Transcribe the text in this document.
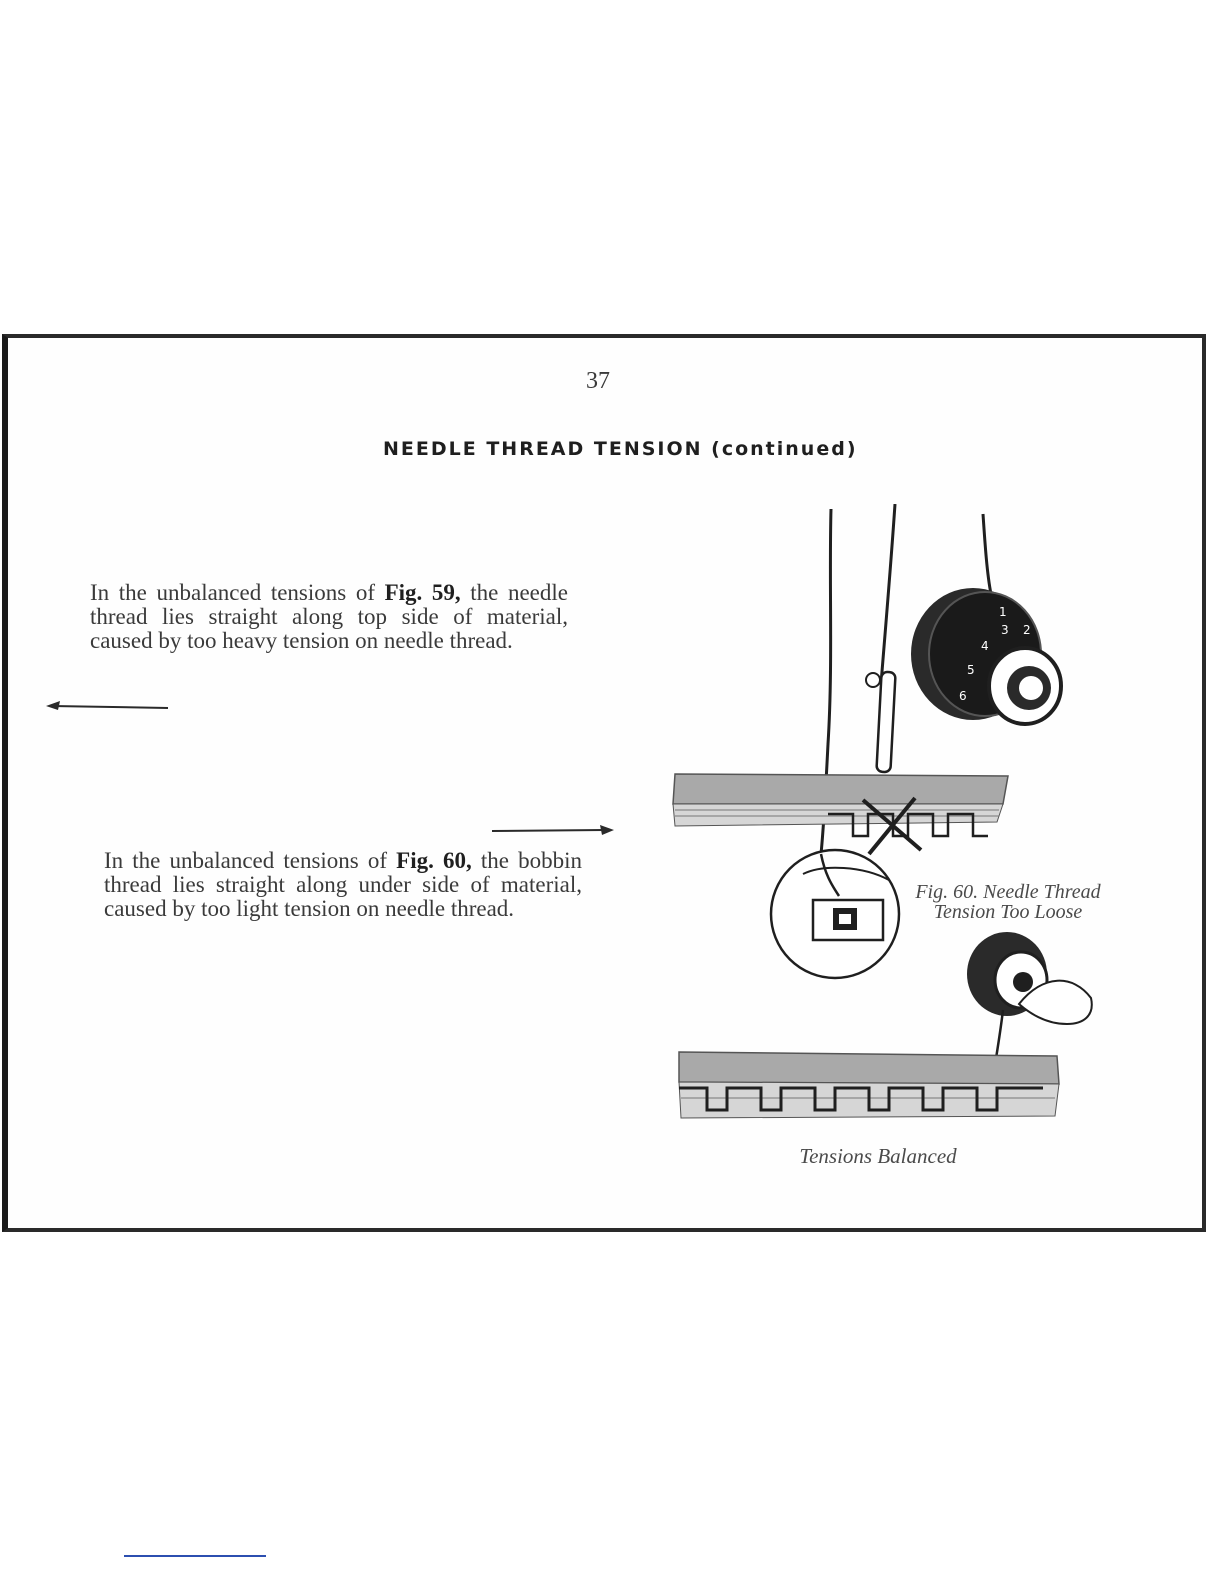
37
NEEDLE THREAD TENSION (continued)

In the unbalanced tensions of Fig. 59, the needle thread lies straight along top side of material, caused by too heavy tension on needle thread.

In the unbalanced tensions of Fig. 60, the bobbin thread lies straight along under side of material, caused by too light tension on needle thread.

1
2
3
4
5
6
Fig. 60. Needle Thread
Tension Too Loose
Tensions Balanced
